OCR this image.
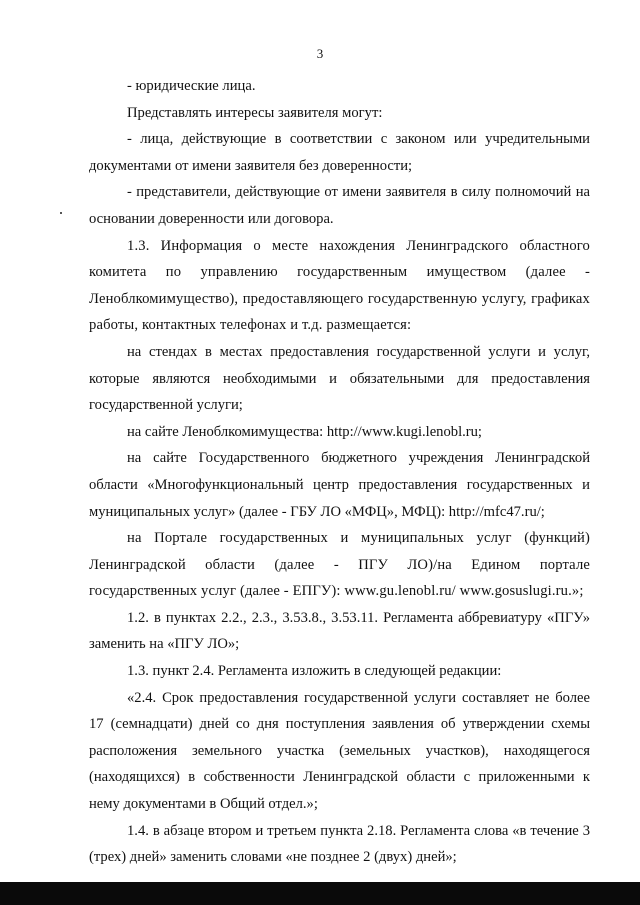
3

- юридические лица.

Представлять интересы заявителя могут:

- лица, действующие в соответствии с законом или учредительными документами от имени заявителя без доверенности;

- представители, действующие от имени заявителя в силу полномочий на основании доверенности или договора.

1.3. Информация о месте нахождения Ленинградского областного комитета по управлению государственным имуществом (далее - Леноблкомимущество), предоставляющего государственную услугу, графиках работы, контактных телефонах и т.д. размещается:

на стендах в местах предоставления государственной услуги и услуг, которые являются необходимыми и обязательными для предоставления государственной услуги;

на сайте Леноблкомимущества: http://www.kugi.lenobl.ru;

на сайте Государственного бюджетного учреждения Ленинградской области «Многофункциональный центр предоставления государственных и муниципальных услуг» (далее - ГБУ ЛО «МФЦ», МФЦ): http://mfc47.ru/;

на Портале государственных и муниципальных услуг (функций) Ленинградской области (далее - ПГУ ЛО)/на Едином портале государственных услуг (далее - ЕПГУ): www.gu.lenobl.ru/ www.gosuslugi.ru.»;

1.2. в пунктах 2.2., 2.3., 3.53.8., 3.53.11. Регламента аббревиатуру «ПГУ» заменить на «ПГУ ЛО»;

1.3. пункт 2.4. Регламента изложить в следующей редакции:

«2.4. Срок предоставления государственной услуги составляет не более 17 (семнадцати) дней со дня поступления заявления об утверждении схемы расположения земельного участка (земельных участков), находящегося (находящихся) в собственности Ленинградской области с приложенными к нему документами в Общий отдел.»;

1.4. в абзаце втором и третьем пункта 2.18. Регламента слова «в течение 3 (трех) дней» заменить словами «не позднее 2 (двух) дней»;
